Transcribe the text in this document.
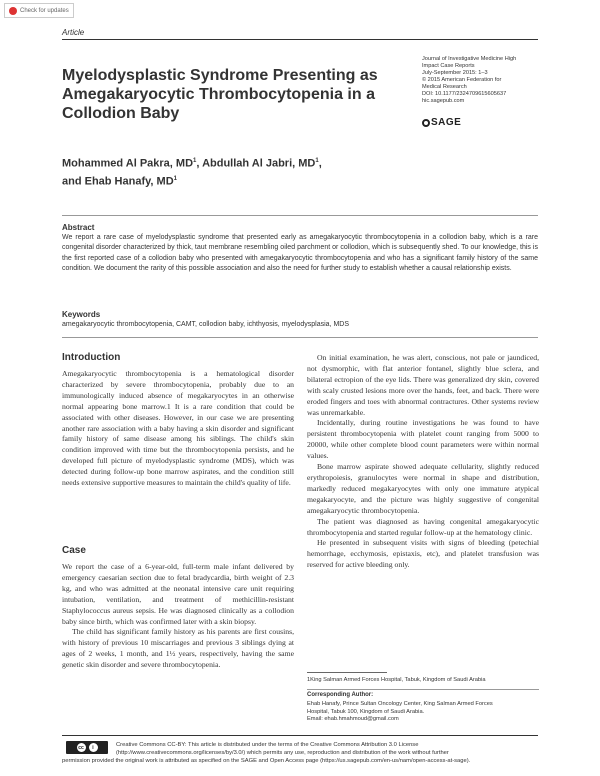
Check for updates
Article
Myelodysplastic Syndrome Presenting as Amegakaryocytic Thrombocytopenia in a Collodion Baby
Mohammed Al Pakra, $MD^1$, Abdullah Al Jabri, $MD^1$,
and Ehab Hanafy, $MD^1$
Journal of Investigative Medicine High
Impact Case Reports
July-September 2015: 1–3
© 2015 American Federation for
Medical Research
DOI: 10.1177/2324709615605637
hic.sagepub.com
SAGE
Abstract
We report a rare case of myelodysplastic syndrome that presented early as amegakaryocytic thrombocytopenia in a collodion baby, which is a rare congenital disorder characterized by thick, taut membrane resembling oiled parchment or collodion, which is subsequently shed. To our knowledge, this is the first reported case of a collodion baby who presented with amegakaryocytic thrombocytopenia and who has a significant family history of the same condition. We document the rarity of this possible association and also the need for further study to establish whether a causal relationship exists.
Keywords
amegakaryocytic thrombocytopenia, CAMT, collodion baby, ichthyosis, myelodysplasia, MDS
Introduction

Amegakaryocytic thrombocytopenia is a hematological disorder characterized by severe thrombocytopenia, probably due to an immunologically induced absence of megakaryocytes in an otherwise normal appearing bone marrow.1 It is a rare condition that could be associated with other diseases. However, in our case we are presenting another rare association with a baby having a skin disorder and significant family history of same disease among his siblings. The child's skin condition improved with time but the thrombocytopenia persists, and he developed full picture of myelodysplastic syndrome (MDS), which was detected during follow-up bone marrow aspirates, and the condition still needs extensive supportive measures to maintain the child's quality of life.

Case

We report the case of a 6-year-old, full-term male infant delivered by emergency caesarian section due to fetal bradycardia, birth weight of 2.3 kg, and who was admitted at the neonatal intensive care unit requiring intubation, ventilation, and treatment of methicillin-resistant Staphylococcus aureus sepsis. He was diagnosed clinically as a collodion baby since birth, which was confirmed later with a skin biopsy.

The child has significant family history as his parents are first cousins, with history of previous 10 miscarriages and previous 3 siblings dying at ages of 2 weeks, 1 month, and 1½ years, respectively, having the same genetic skin disorder and severe thrombocytopenia.

On initial examination, he was alert, conscious, not pale or jaundiced, not dysmorphic, with flat anterior fontanel, slightly blue sclera, and bilateral ectropion of the eye lids. There was generalized dry skin, covered with scaly crusted lesions more over the hands, feet, and back. There were eroded fingers and toes with abnormal contractures. Other systems review was unremarkable.

Incidentally, during routine investigations he was found to have persistent thrombocytopenia with platelet count ranging from 5000 to 20000, while other complete blood count parameters were within normal values.

Bone marrow aspirate showed adequate cellularity, slightly reduced erythropoiesis, granulocytes were normal in shape and distribution, markedly reduced megakaryocytes with only one immature atypical megakaryocyte, and the picture was highly suggestive of congenital amegakaryocytic thrombocytopenia.

The patient was diagnosed as having congenital amegakaryocytic thrombocytopenia and started regular follow-up at the hematology clinic.

He presented in subsequent visits with signs of bleeding (petechial hemorrhage, ecchymosis, epistaxis, etc), and platelet transfusion was reserved for active bleeding only.

1King Salman Armed Forces Hospital, Tabuk, Kingdom of Saudi Arabia
Corresponding Author:
Ehab Hanafy, Prince Sultan Oncology Center, King Salman Armed Forces
Hospital, Tabuk 100, Kingdom of Saudi Arabia.
Email: ehab.hmahmoud@gmail.com
cc	i	Creative Commons CC-BY: This article is distributed under the terms of the Creative Commons Attribution 3.0 License
(http://www.creativecommons.org/licenses/by/3.0/) which permits any use, reproduction and distribution of the work without further
permission provided the original work is attributed as specified on the SAGE and Open Access page (https://us.sagepub.com/en-us/nam/open-access-at-sage).
